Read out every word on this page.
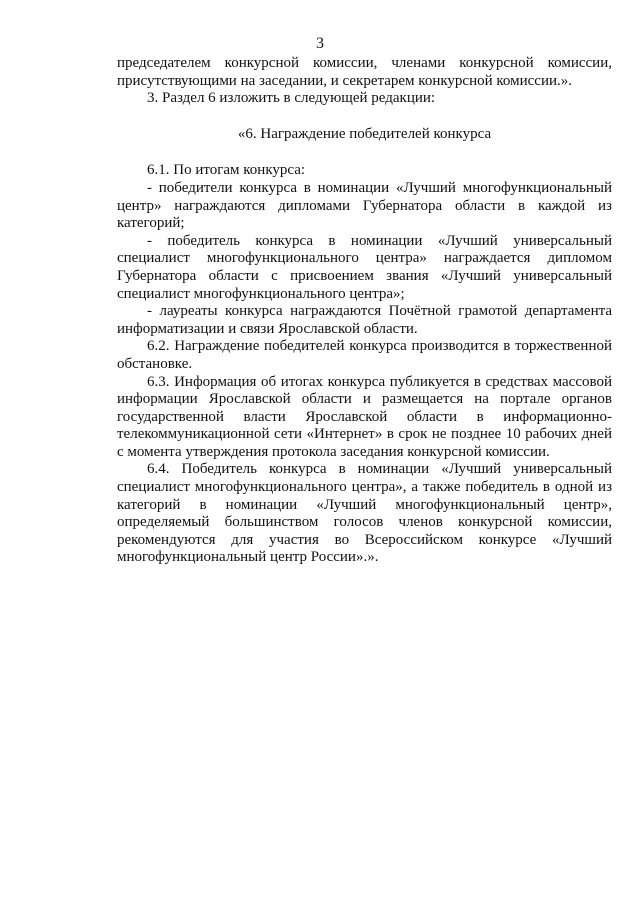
3

председателем конкурсной комиссии, членами конкурсной комиссии, присутствующими на заседании, и секретарем конкурсной комиссии.».

3. Раздел 6 изложить в следующей редакции:

«6. Награждение победителей конкурса

6.1. По итогам конкурса:

- победители конкурса в номинации «Лучший многофункциональный центр» награждаются дипломами Губернатора области в каждой из категорий;

- победитель конкурса в номинации «Лучший универсальный специалист многофункционального центра» награждается дипломом Губернатора области с присвоением звания «Лучший универсальный специалист многофункционального центра»;

- лауреаты конкурса награждаются Почётной грамотой департамента информатизации и связи Ярославской области.

6.2. Награждение победителей конкурса производится в торжественной обстановке.

6.3. Информация об итогах конкурса публикуется в средствах массовой информации Ярославской области и размещается на портале органов государственной власти Ярославской области в информационно-телекоммуникационной сети «Интернет» в срок не позднее 10 рабочих дней с момента утверждения протокола заседания конкурсной комиссии.

6.4. Победитель конкурса в номинации «Лучший универсальный специалист многофункционального центра», а также победитель в одной из категорий в номинации «Лучший многофункциональный центр», определяемый большинством голосов членов конкурсной комиссии, рекомендуются для участия во Всероссийском конкурсе «Лучший многофункциональный центр России».».
